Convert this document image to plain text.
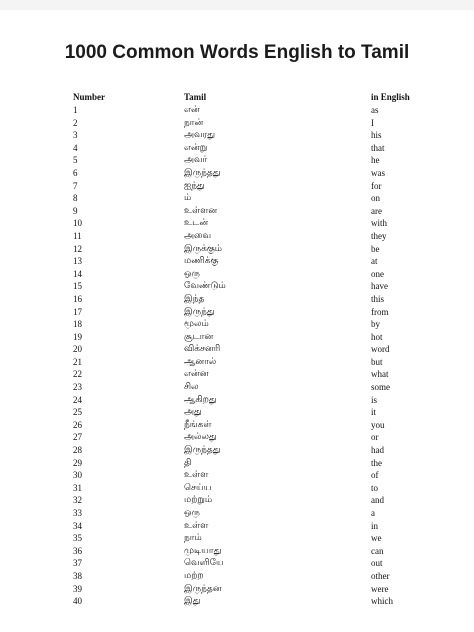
1000 Common Words English to Tamil
Number	Tamil	in English
1	என்	as
2	நான்	I
3	அவரது	his
4	என்று	that
5	அவர்	he
6	இருந்தது	was
7	ஐந்து	for
8	ம்	on
9	உள்ளன	are
10	உடன்	with
11	அவை	they
12	இருக்கும்	be
13	மணிக்கு	at
14	ஒரு	one
15	வேண்டும்	have
16	இந்த	this
17	இருந்து	from
18	மூலம்	by
19	சூடான	hot
20	விக்சனரி	word
21	ஆனால்	but
22	என்ன	what
23	சில	some
24	ஆகிறது	is
25	அது	it
26	நீங்கள்	you
27	அல்லது	or
28	இருந்தது	had
29	தி	the
30	உள்ள	of
31	செய்ய	to
32	மற்றும்	and
33	ஒரு	a
34	உள்ள	in
35	நாம்	we
36	முடியாது	can
37	வெளியே	out
38	மற்ற	other
39	இருந்தன	were
40	இது	which
